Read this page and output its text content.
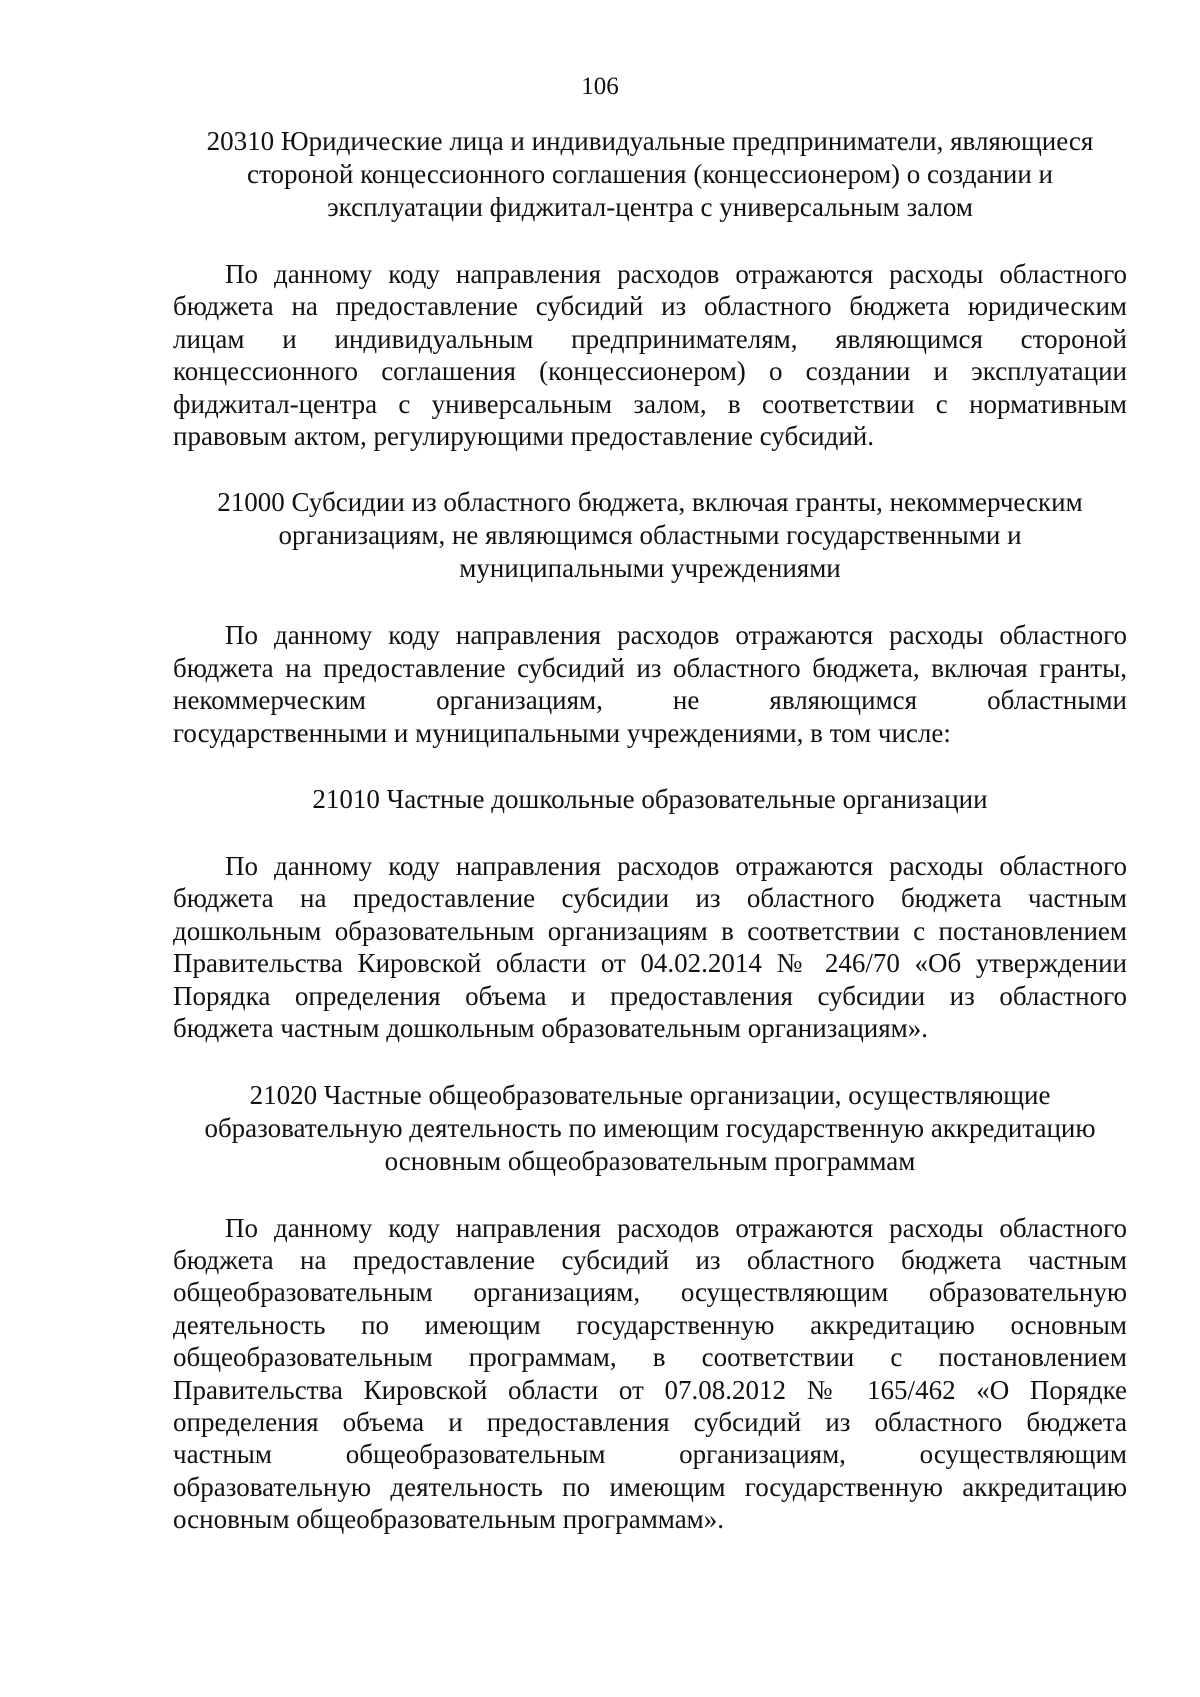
106
20310 Юридические лица и индивидуальные предприниматели, являющиеся
стороной концессионного соглашения (концессионером) о создании и
эксплуатации фиджитал-центра с универсальным залом

По данному коду направления расходов отражаются расходы областного
бюджета на предоставление субсидий из областного бюджета юридическим
лицам и индивидуальным предпринимателям, являющимся стороной
концессионного соглашения (концессионером) о создании и эксплуатации
фиджитал-центра с универсальным залом, в соответствии с нормативным
правовым актом, регулирующими предоставление субсидий.

21000 Субсидии из областного бюджета, включая гранты, некоммерческим
организациям, не являющимся областными государственными и
муниципальными учреждениями

По данному коду направления расходов отражаются расходы областного
бюджета на предоставление субсидий из областного бюджета, включая гранты,
некоммерческим организациям, не являющимся областными
государственными и муниципальными учреждениями, в том числе:

21010 Частные дошкольные образовательные организации

По данному коду направления расходов отражаются расходы областного
бюджета на предоставление субсидии из областного бюджета частным
дошкольным образовательным организациям в соответствии с постановлением
Правительства Кировской области от 04.02.2014 № 246/70 «Об утверждении
Порядка определения объема и предоставления субсидии из областного
бюджета частным дошкольным образовательным организациям».

21020 Частные общеобразовательные организации, осуществляющие
образовательную деятельность по имеющим государственную аккредитацию
основным общеобразовательным программам

По данному коду направления расходов отражаются расходы областного
бюджета на предоставление субсидий из областного бюджета частным
общеобразовательным организациям, осуществляющим образовательную
деятельность по имеющим государственную аккредитацию основным
общеобразовательным программам, в соответствии с постановлением
Правительства Кировской области от 07.08.2012 № 165/462 «О Порядке
определения объема и предоставления субсидий из областного бюджета
частным общеобразовательным организациям, осуществляющим
образовательную деятельность по имеющим государственную аккредитацию
основным общеобразовательным программам».
